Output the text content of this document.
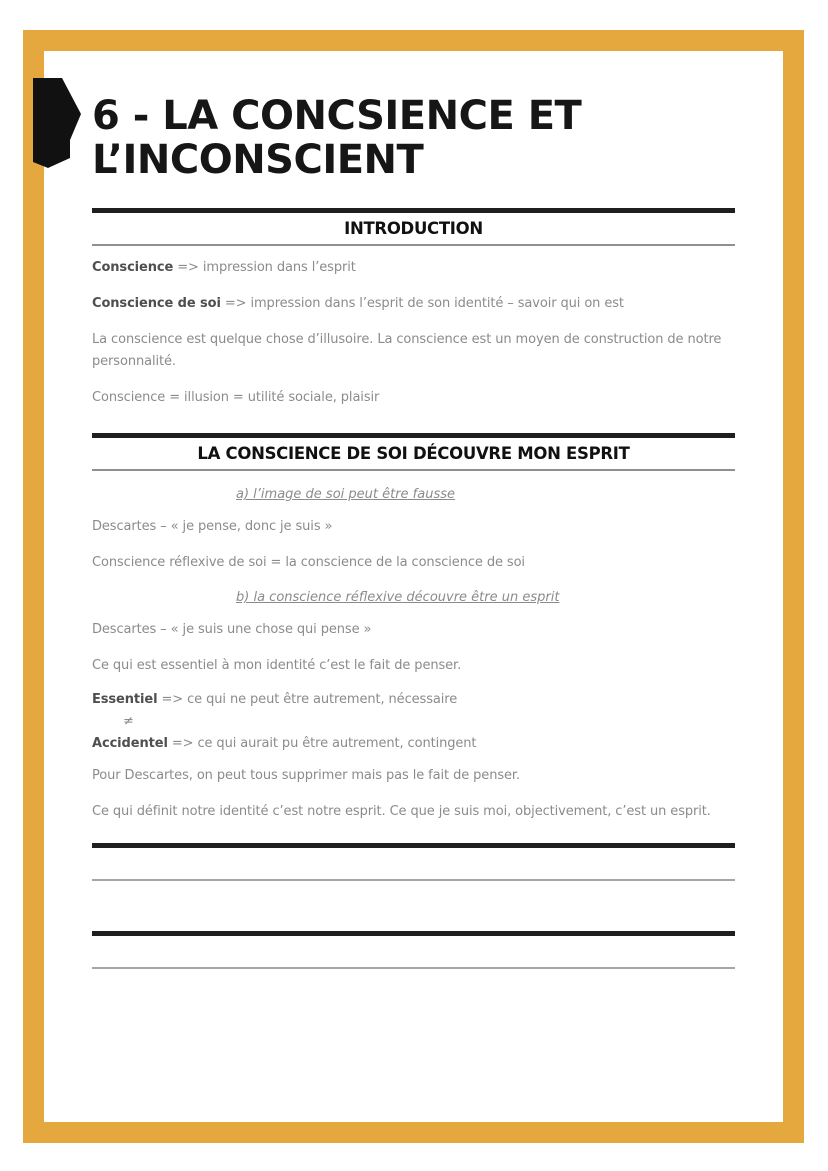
6 - LA CONCSIENCE ET
L’INCONSCIENT
INTRODUCTION

Conscience => impression dans l’esprit

Conscience de soi => impression dans l’esprit de son identité – savoir qui on est

La conscience est quelque chose d’illusoire. La conscience est un moyen de construction de notre personnalité.

Conscience = illusion = utilité sociale, plaisir

LA CONSCIENCE DE SOI DÉCOUVRE MON ESPRIT

a) l’image de soi peut être fausse

Descartes – « je pense, donc je suis »

Conscience réflexive de soi = la conscience de la conscience de soi

b) la conscience réflexive découvre être un esprit

Descartes – « je suis une chose qui pense »

Ce qui est essentiel à mon identité c’est le fait de penser.

Essentiel => ce qui ne peut être autrement, nécessaire

≠

Accidentel => ce qui aurait pu être autrement, contingent

Pour Descartes, on peut tous supprimer mais pas le fait de penser.

Ce qui définit notre identité c’est notre esprit. Ce que je suis moi, objectivement, c’est un esprit.
